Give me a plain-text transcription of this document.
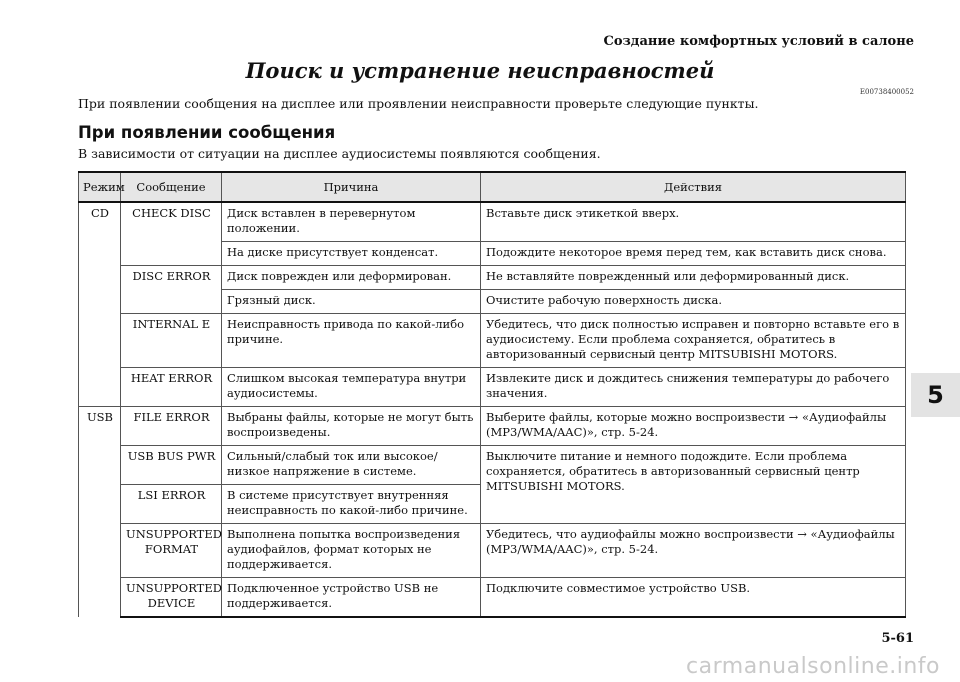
Создание комфортных условий в салоне
Поиск и устранение неисправностей
E00738400052
При появлении сообщения на дисплее или проявлении неисправности проверьте следующие пункты.
При появлении сообщения
В зависимости от ситуации на дисплее аудиосистемы появляются сообщения.
Режим	Сообщение	Причина	Действия
CD	CHECK DISC	Диск вставлен в перевернутом положении.	Вставьте диск этикеткой вверх.
		На диске присутствует конденсат.	Подождите некоторое время перед тем, как вставить диск снова.
	DISC ERROR	Диск поврежден или деформирован.	Не вставляйте поврежденный или деформированный диск.
		Грязный диск.	Очистите рабочую поверхность диска.
	INTERNAL E	Неисправность привода по какой-либо причине.	Убедитесь, что диск полностью исправен и повторно вставьте его в аудиосистему. Если проблема сохраняется, обратитесь в авторизованный сервисный центр MITSUBISHI MOTORS.
	HEAT ERROR	Слишком высокая температура внутри аудиосистемы.	Извлеките диск и дождитесь снижения температуры до рабочего значения.
USB	FILE ERROR	Выбраны файлы, которые не могут быть воспроизведены.	Выберите файлы, которые можно воспроизвести → «Аудиофайлы (MP3/WMA/AAC)», стр. 5-24.
	USB BUS PWR	Сильный/слабый ток или высокое/низкое напряжение в системе.	Выключите питание и немного подождите. Если проблема сохраняется, обратитесь в авторизованный сервисный центр MITSUBISHI MOTORS.
	LSI ERROR	В системе присутствует внутренняя неисправность по какой-либо причине.	
	UNSUPPORTED FORMAT	Выполнена попытка воспроизведения аудиофайлов, формат которых не поддерживается.	Убедитесь, что аудиофайлы можно воспроизвести → «Аудиофайлы (MP3/WMA/AAC)», стр. 5-24.
	UNSUPPORTED DEVICE	Подключенное устройство USB не поддерживается.	Подключите совместимое устройство USB.
5
5-61
carmanualsonline.info
